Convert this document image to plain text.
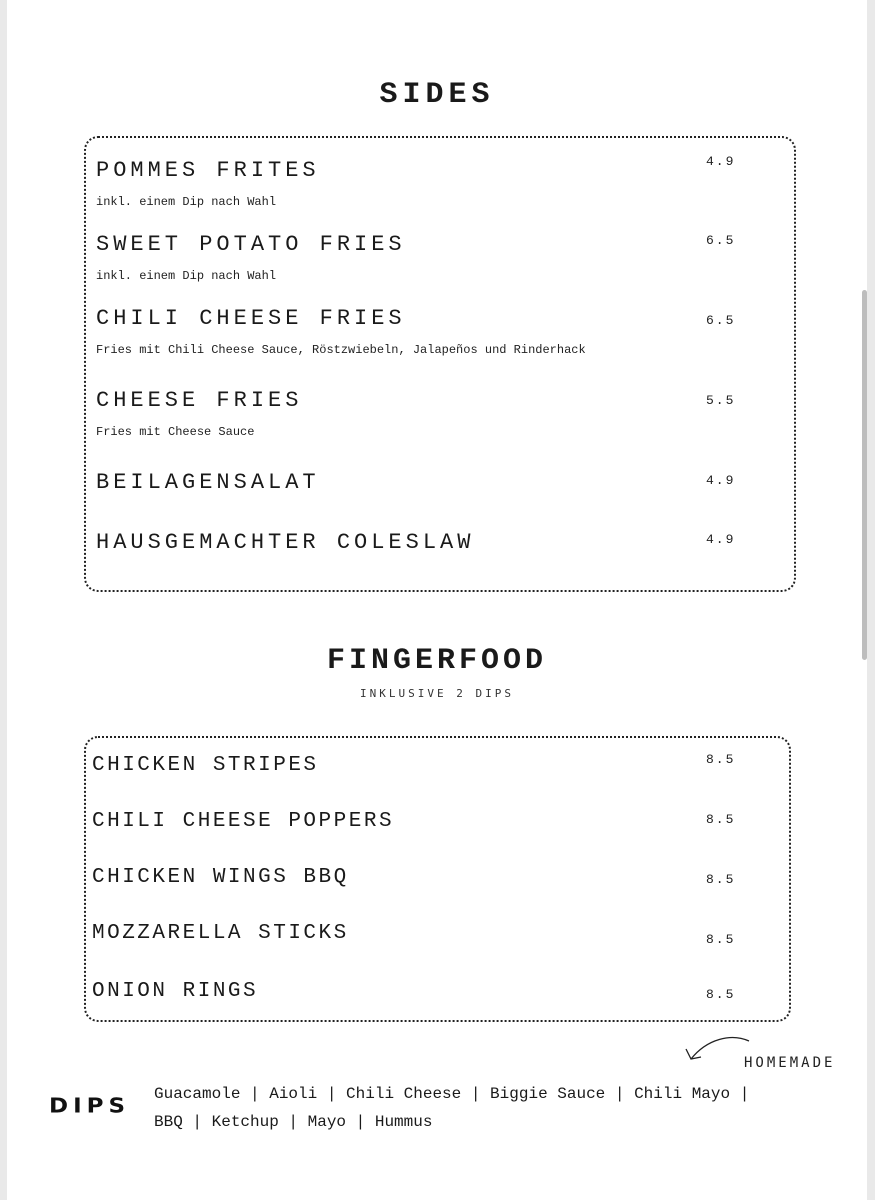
SIDES
POMMES FRITES
inkl. einem Dip nach Wahl
4.9
SWEET POTATO FRIES
inkl. einem Dip nach Wahl
6.5
CHILI CHEESE FRIES
Fries mit Chili Cheese Sauce, Röstzwiebeln, Jalapeños und Rinderhack
6.5
CHEESE FRIES
Fries mit Cheese Sauce
5.5
BEILAGENSALAT	4.9
HAUSGEMACHTER COLESLAW	4.9
FINGERFOOD
INKLUSIVE 2 DIPS
CHICKEN STRIPES	8.5
CHILI CHEESE POPPERS	8.5
CHICKEN WINGS BBQ	8.5
MOZZARELLA STICKS	8.5
ONION RINGS	8.5
HOMEMADE
DIPS
Guacamole | Aioli | Chili Cheese | Biggie Sauce | Chili Mayo |
BBQ | Ketchup | Mayo | Hummus
